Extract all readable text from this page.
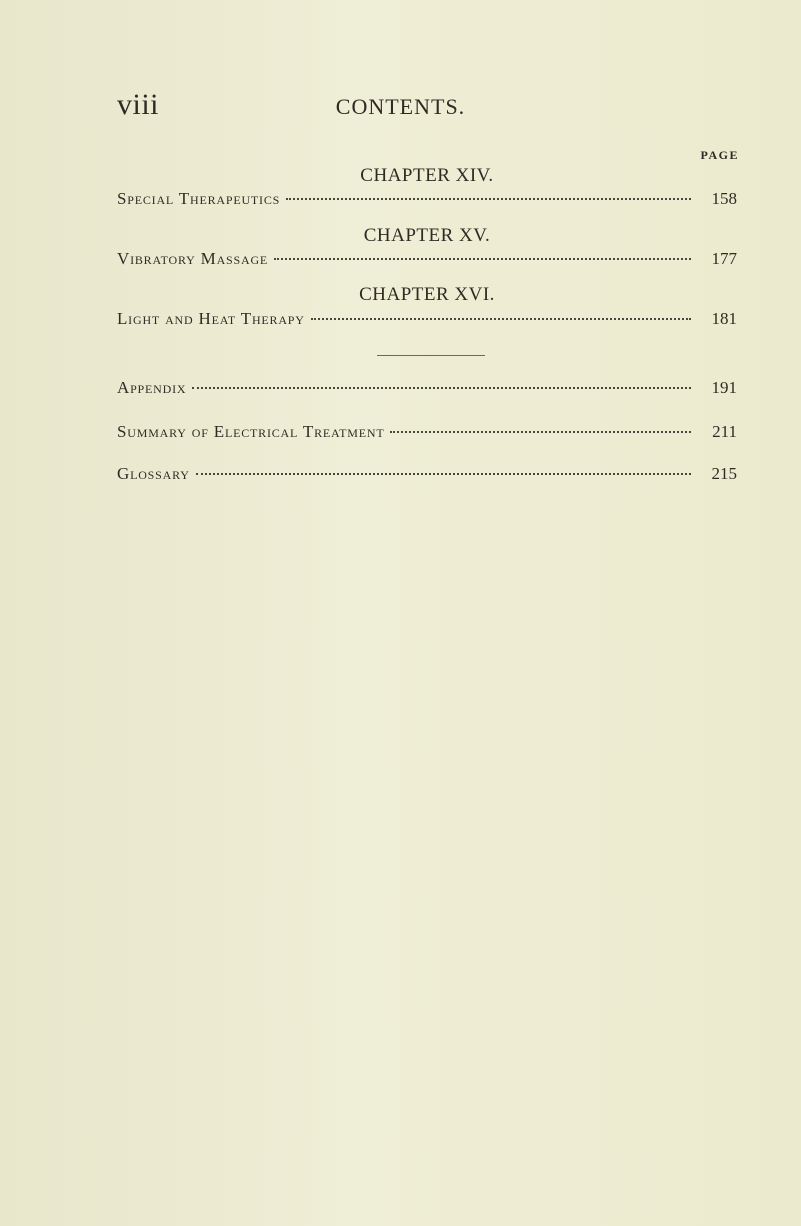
viii	CONTENTS.
PAGE
CHAPTER XIV.
Special Therapeutics	158
CHAPTER XV.
Vibratory Massage	177
CHAPTER XVI.
Light and Heat Therapy	181
Appendix	191
Summary of Electrical Treatment	211
Glossary	215
